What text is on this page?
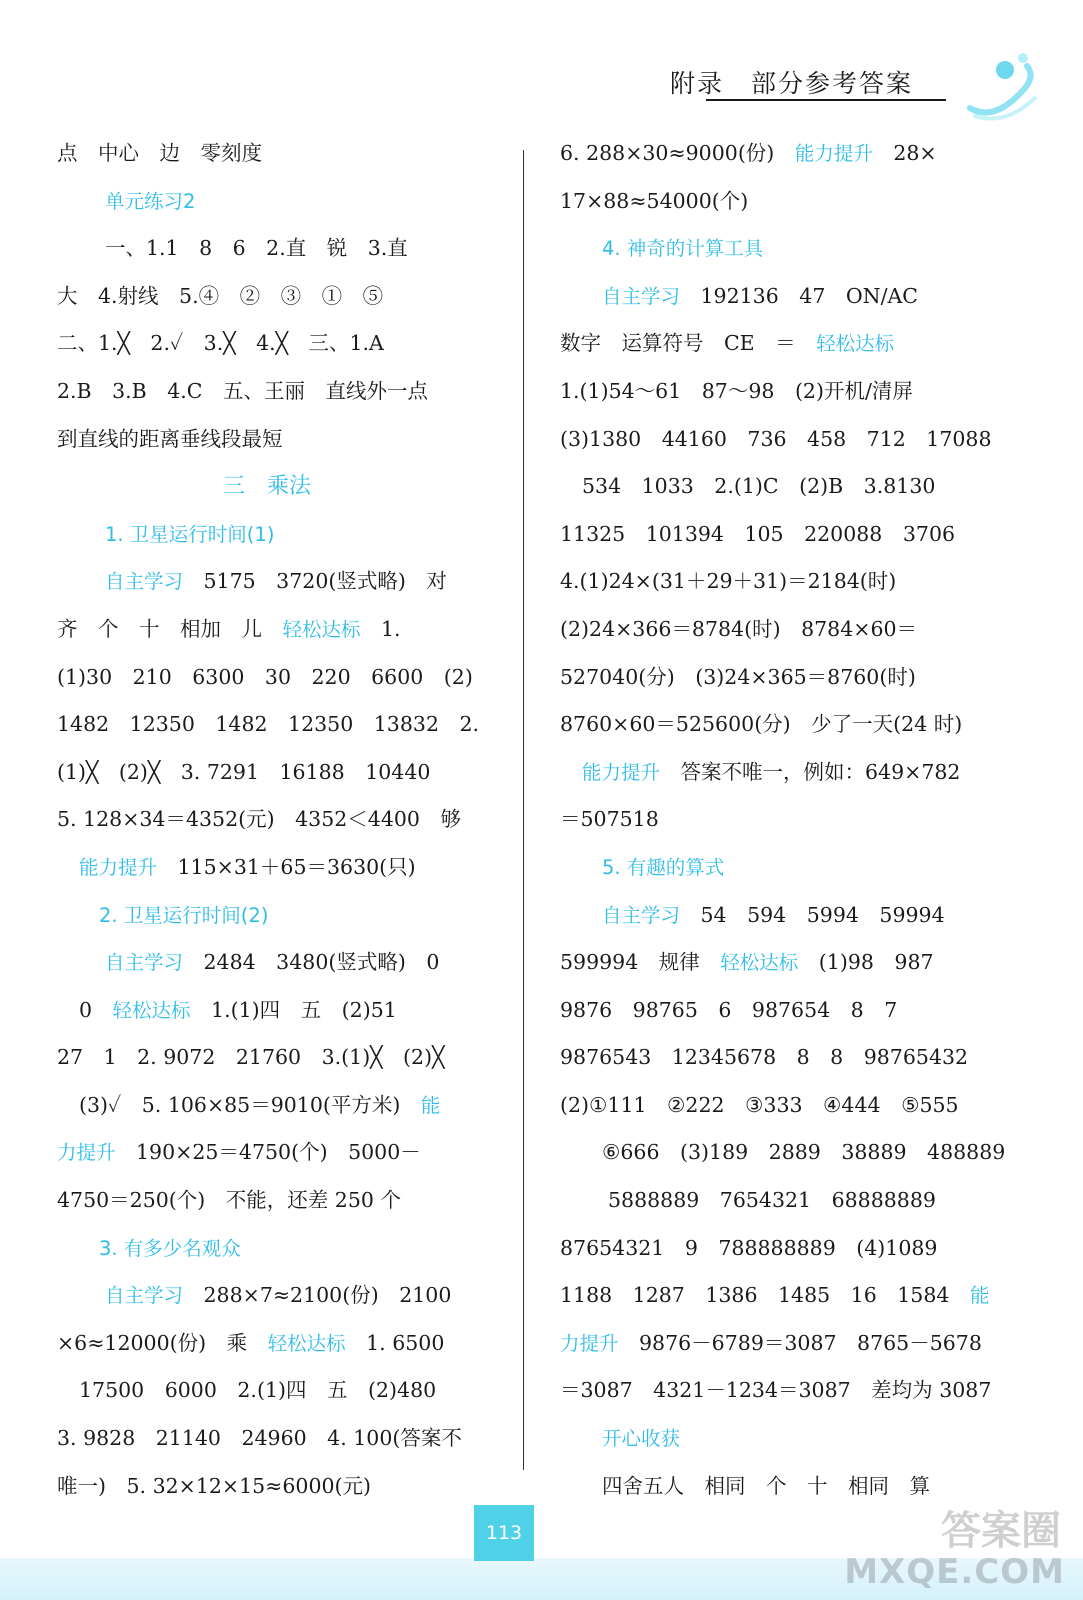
附录　部分参考答案
点　中心　边　零刻度
单元练习2
一、1.1　8　6　2.直　锐　3.直
大　4.射线　5.④　②　③　①　⑤
二、1.╳　2.✓　3.╳　4.╳　三、1.A
2.B　3.B　4.C　五、王丽　直线外一点
到直线的距离垂线段最短
三　乘法
1. 卫星运行时间(1)
自主学习　5175　3720(竖式略)　对
齐　个　十　相加　儿　轻松达标　1.
(1)30　210　6300　30　220　6600　(2)
1482　12350　1482　12350　13832　2.
(1)╳　(2)╳　3. 7291　16188　10440
5. 128×34＝4352(元)　4352＜4400　够
能力提升　115×31＋65＝3630(只)
2. 卫星运行时间(2)
自主学习　2484　3480(竖式略)　0
0　轻松达标　1.(1)四　五　(2)51
27　1　2. 9072　21760　3.(1)╳　(2)╳
(3)✓　5. 106×85＝9010(平方米)　能
力提升　190×25＝4750(个)　5000－
4750＝250(个)　不能，还差 250 个
3. 有多少名观众
自主学习　288×7≈2100(份)　2100
×6≈12000(份)　乘　轻松达标　1. 6500
17500　6000　2.(1)四　五　(2)480
3. 9828　21140　24960　4. 100(答案不
唯一)　5. 32×12×15≈6000(元)
6. 288×30≈9000(份)　能力提升　28×
17×88≈54000(个)
4. 神奇的计算工具
自主学习　192136　47　ON/AC
数字　运算符号　CE　＝　轻松达标
1.(1)54～61　87～98　(2)开机/清屏
(3)1380　44160　736　458　712　17088
534　1033　2.(1)C　(2)B　3.8130
11325　101394　105　220088　3706
4.(1)24×(31＋29＋31)＝2184(时)
(2)24×366＝8784(时)　8784×60＝
527040(分)　(3)24×365＝8760(时)
8760×60＝525600(分)　少了一天(24 时)
能力提升　答案不唯一，例如：649×782
＝507518
5. 有趣的算式
自主学习　54　594　5994　59994
599994　规律　轻松达标　(1)98　987
9876　98765　6　987654　8　7
9876543　12345678　8　8　98765432
(2)①111　②222　③333　④444　⑤555
⑥666　(3)189　2889　38889　488889
5888889　7654321　68888889
87654321　9　788888889　(4)1089
1188　1287　1386　1485　16　1584　能
力提升　9876－6789＝3087　8765－5678
＝3087　4321－1234＝3087　差均为 3087
开心收获
四舍五人　相同　个　十　相同　算
113	答案圈
MXQE.COM
